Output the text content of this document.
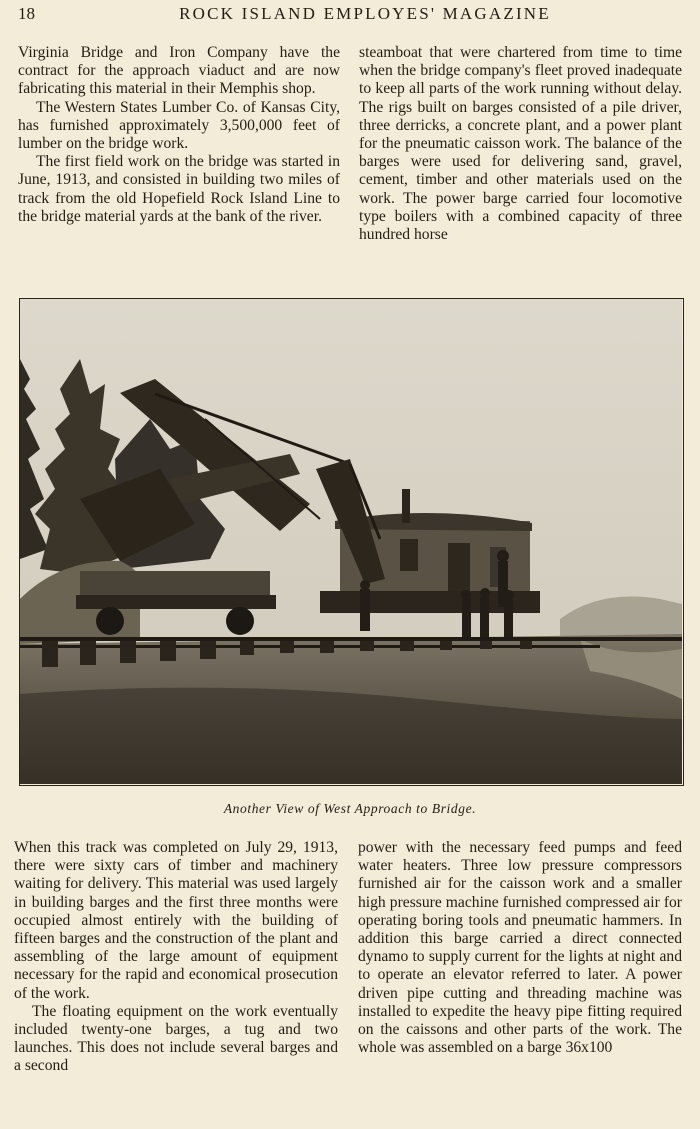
18	ROCK ISLAND EMPLOYES' MAGAZINE

Virginia Bridge and Iron Company have the contract for the approach viaduct and are now fabricating this material in their Memphis shop.

The Western States Lumber Co. of Kansas City, has furnished approximately 3,500,000 feet of lumber on the bridge work.

The first field work on the bridge was started in June, 1913, and consisted in building two miles of track from the old Hopefield Rock Island Line to the bridge material yards at the bank of the river.

steamboat that were chartered from time to time when the bridge company's fleet proved inadequate to keep all parts of the work running without delay. The rigs built on barges consisted of a pile driver, three derricks, a concrete plant, and a power plant for the pneumatic caisson work. The balance of the barges were used for delivering sand, gravel, cement, timber and other materials used on the work. The power barge carried four locomotive type boilers with a combined capacity of three hundred horse

Another View of West Approach to Bridge.

When this track was completed on July 29, 1913, there were sixty cars of timber and machinery waiting for delivery. This material was used largely in building barges and the first three months were occupied almost entirely with the building of fifteen barges and the construction of the plant and assembling of the large amount of equipment necessary for the rapid and economical prosecution of the work.

The floating equipment on the work eventually included twenty-one barges, a tug and two launches. This does not include several barges and a second

power with the necessary feed pumps and feed water heaters. Three low pressure compressors furnished air for the caisson work and a smaller high pressure machine furnished compressed air for operating boring tools and pneumatic hammers. In addition this barge carried a direct connected dynamo to supply current for the lights at night and to operate an elevator referred to later. A power driven pipe cutting and threading machine was installed to expedite the heavy pipe fitting required on the caissons and other parts of the work. The whole was assembled on a barge 36x100
